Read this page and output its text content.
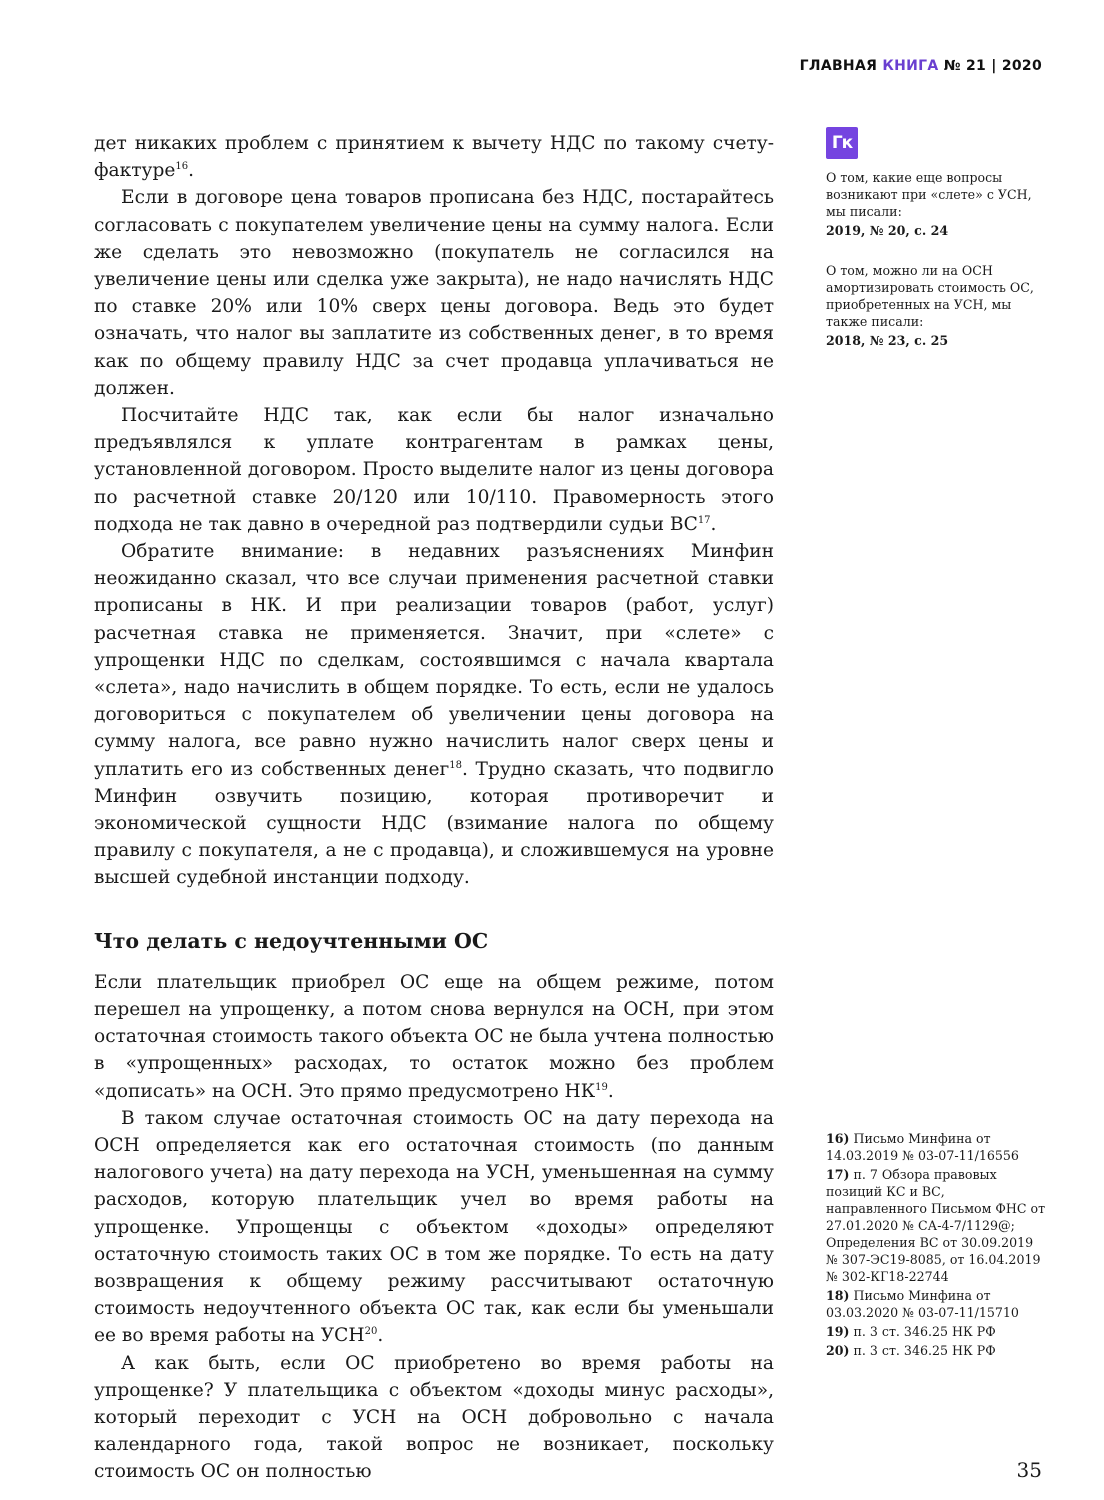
ГЛАВНАЯ КНИГА № 21 | 2020

дет никаких проблем с принятием к вычету НДС по такому счету-фактуре$^{16}$.

Если в договоре цена товаров прописана без НДС, постарайтесь согласовать с покупателем увеличение цены на сумму налога. Если же сделать это невозможно (покупатель не согласился на увеличение цены или сделка уже закрыта), не надо начислять НДС по ставке 20% или 10% сверх цены договора. Ведь это будет означать, что налог вы заплатите из собственных денег, в то время как по общему правилу НДС за счет продавца уплачиваться не должен.

Посчитайте НДС так, как если бы налог изначально предъявлялся к уплате контрагентам в рамках цены, установленной договором. Просто выделите налог из цены договора по расчетной ставке 20/120 или 10/110. Правомерность этого подхода не так давно в очередной раз подтвердили судьи ВС$^{17}$.

Обратите внимание: в недавних разъяснениях Минфин неожиданно сказал, что все случаи применения расчетной ставки прописаны в НК. И при реализации товаров (работ, услуг) расчетная ставка не применяется. Значит, при «слете» с упрощенки НДС по сделкам, состоявшимся с начала квартала «слета», надо начислить в общем порядке. То есть, если не удалось договориться с покупателем об увеличении цены договора на сумму налога, все равно нужно начислить налог сверх цены и уплатить его из собственных денег$^{18}$. Трудно сказать, что подвигло Минфин озвучить позицию, которая противоречит и экономической сущности НДС (взимание налога по общему правилу с покупателя, а не с продавца), и сложившемуся на уровне высшей судебной инстанции подходу.

Что делать с недоучтенными ОС

Если плательщик приобрел ОС еще на общем режиме, потом перешел на упрощенку, а потом снова вернулся на ОСН, при этом остаточная стоимость такого объекта ОС не была учтена полностью в «упрощенных» расходах, то остаток можно без проблем «дописать» на ОСН. Это прямо предусмотрено НК$^{19}$.

В таком случае остаточная стоимость ОС на дату перехода на ОСН определяется как его остаточная стоимость (по данным налогового учета) на дату перехода на УСН, уменьшенная на сумму расходов, которую плательщик учел во время работы на упрощенке. Упрощенцы с объектом «доходы» определяют остаточную стоимость таких ОС в том же порядке. То есть на дату возвращения к общему режиму рассчитывают остаточную стоимость недоучтенного объекта ОС так, как если бы уменьшали ее во время работы на УСН$^{20}$.

А как быть, если ОС приобретено во время работы на упрощенке? У плательщика с объектом «доходы минус расходы», который переходит с УСН на ОСН добровольно с начала календарного года, такой вопрос не возникает, поскольку стоимость ОС он полностью

Гк
О том, какие еще вопросы возникают при «слете» с УСН, мы писали:
2019, № 20, с. 24
О том, можно ли на ОСН амортизировать стоимость ОС, приобретенных на УСН, мы также писали:
2018, № 23, с. 25
16) Письмо Минфина от 14.03.2019 № 03-07-11/16556
17) п. 7 Обзора правовых позиций КС и ВС, направленного Письмом ФНС от 27.01.2020 № СА-4-7/1129@; Определения ВС от 30.09.2019 № 307-ЭС19-8085, от 16.04.2019 № 302-КГ18-22744
18) Письмо Минфина от 03.03.2020 № 03-07-11/15710
19) п. 3 ст. 346.25 НК РФ
20) п. 3 ст. 346.25 НК РФ
35
